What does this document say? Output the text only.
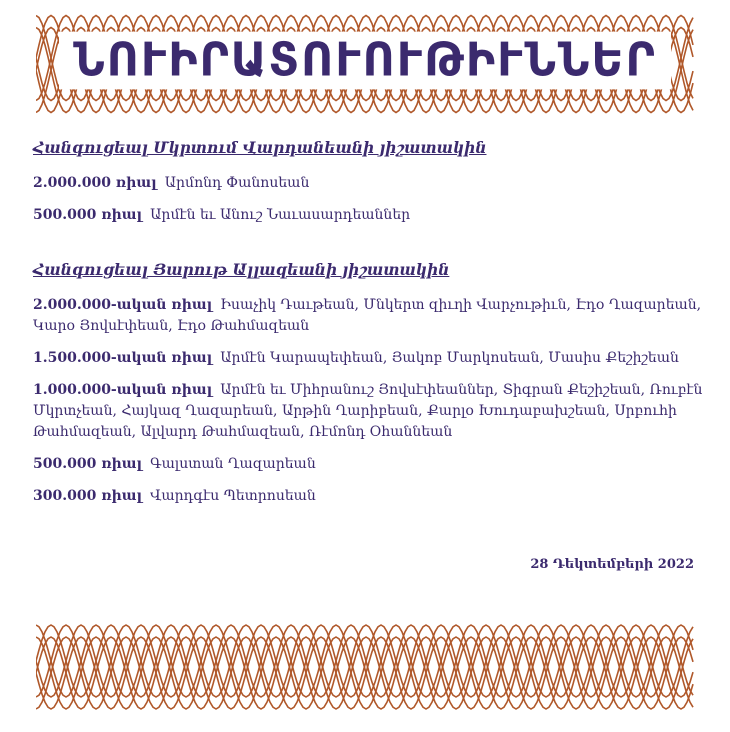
ՆՈՒԻՐԱՏՈՒՈՒԹԻՒՆՆԵՐ

Հանգուցեալ Մկրտում Վարդանեանի յիշատակին

2.000.000 ռիալ Արմոնդ Փանոսեան

500.000 ռիալ Արմէն եւ Անուշ Նաւասարդեաններ

Հանգուցեալ Յարութ Ալլազեանի յիշատակին

2.000.000-ական ռիալ Իսաչիկ Դաւթեան, Մնկերտ զիւղի Վարչութիւն, Էդօ Ղազարեան, Կարօ Յովսէփեան, Էդօ Թահմազեան

1.500.000-ական ռիալ Արմէն Կարապեփեան, Յակոբ Մարկոսեան, Մասիս Քեշիշեան

1.000.000-ական ռիալ Արմէն եւ Միհրանուշ Յովսէփեաններ, Տիգրան Քեշիշեան, Ռուբէն Մկրտչեան, Հայկազ Ղազարեան, Արթին Ղարիբեան, Քարլօ Խուդաբախշեան, Սրբուհի Թահմազեան, Ալվարդ Թահմազեան, Ռէմոնդ Օհաննեան

500.000 ռիալ Գալստան Ղազարեան

300.000 ռիալ Վարդգէս Պետրոսեան

28 Դեկտեմբերի 2022
